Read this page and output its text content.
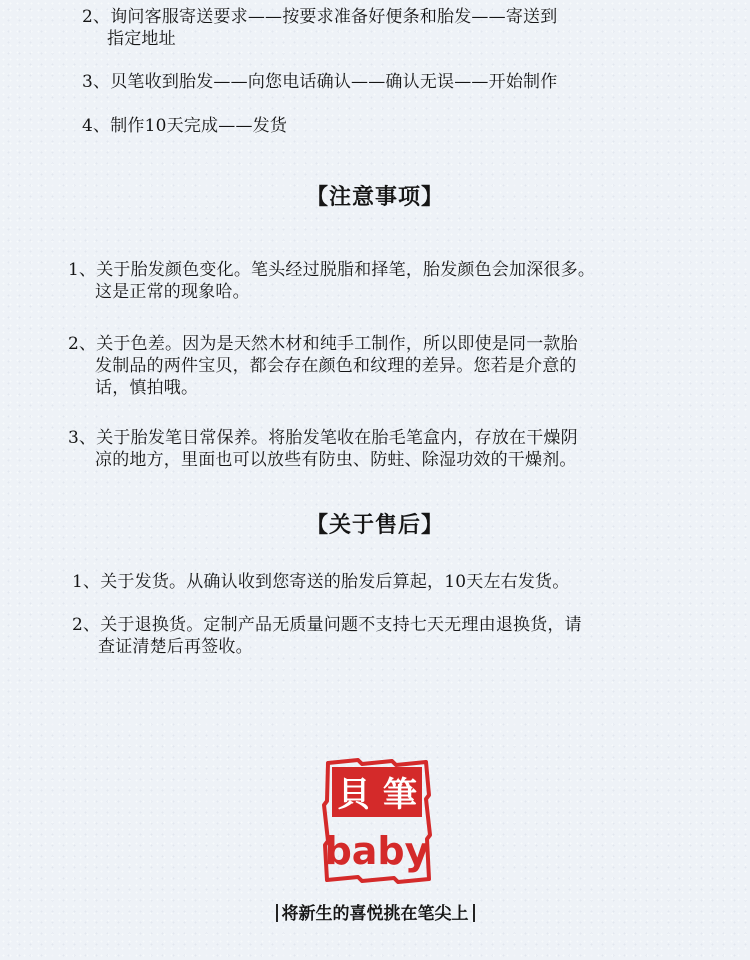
2、询问客服寄送要求——按要求准备好便条和胎发——寄送到
指定地址
3、贝笔收到胎发——向您电话确认——确认无误——开始制作
4、制作10天完成——发货
【注意事项】
1、关于胎发颜色变化。笔头经过脱脂和择笔，胎发颜色会加深很多。
这是正常的现象哈。
2、关于色差。因为是天然木材和纯手工制作，所以即使是同一款胎
发制品的两件宝贝，都会存在颜色和纹理的差异。您若是介意的
话，慎拍哦。
3、关于胎发笔日常保养。将胎发笔收在胎毛笔盒内，存放在干燥阴
凉的地方，里面也可以放些有防虫、防蛀、除湿功效的干燥剂。
【关于售后】
1、关于发货。从确认收到您寄送的胎发后算起，10天左右发货。
2、关于退换货。定制产品无质量问题不支持七天无理由退换货，请
查证清楚后再签收。
貝 筆
baby
将新生的喜悦挑在笔尖上
